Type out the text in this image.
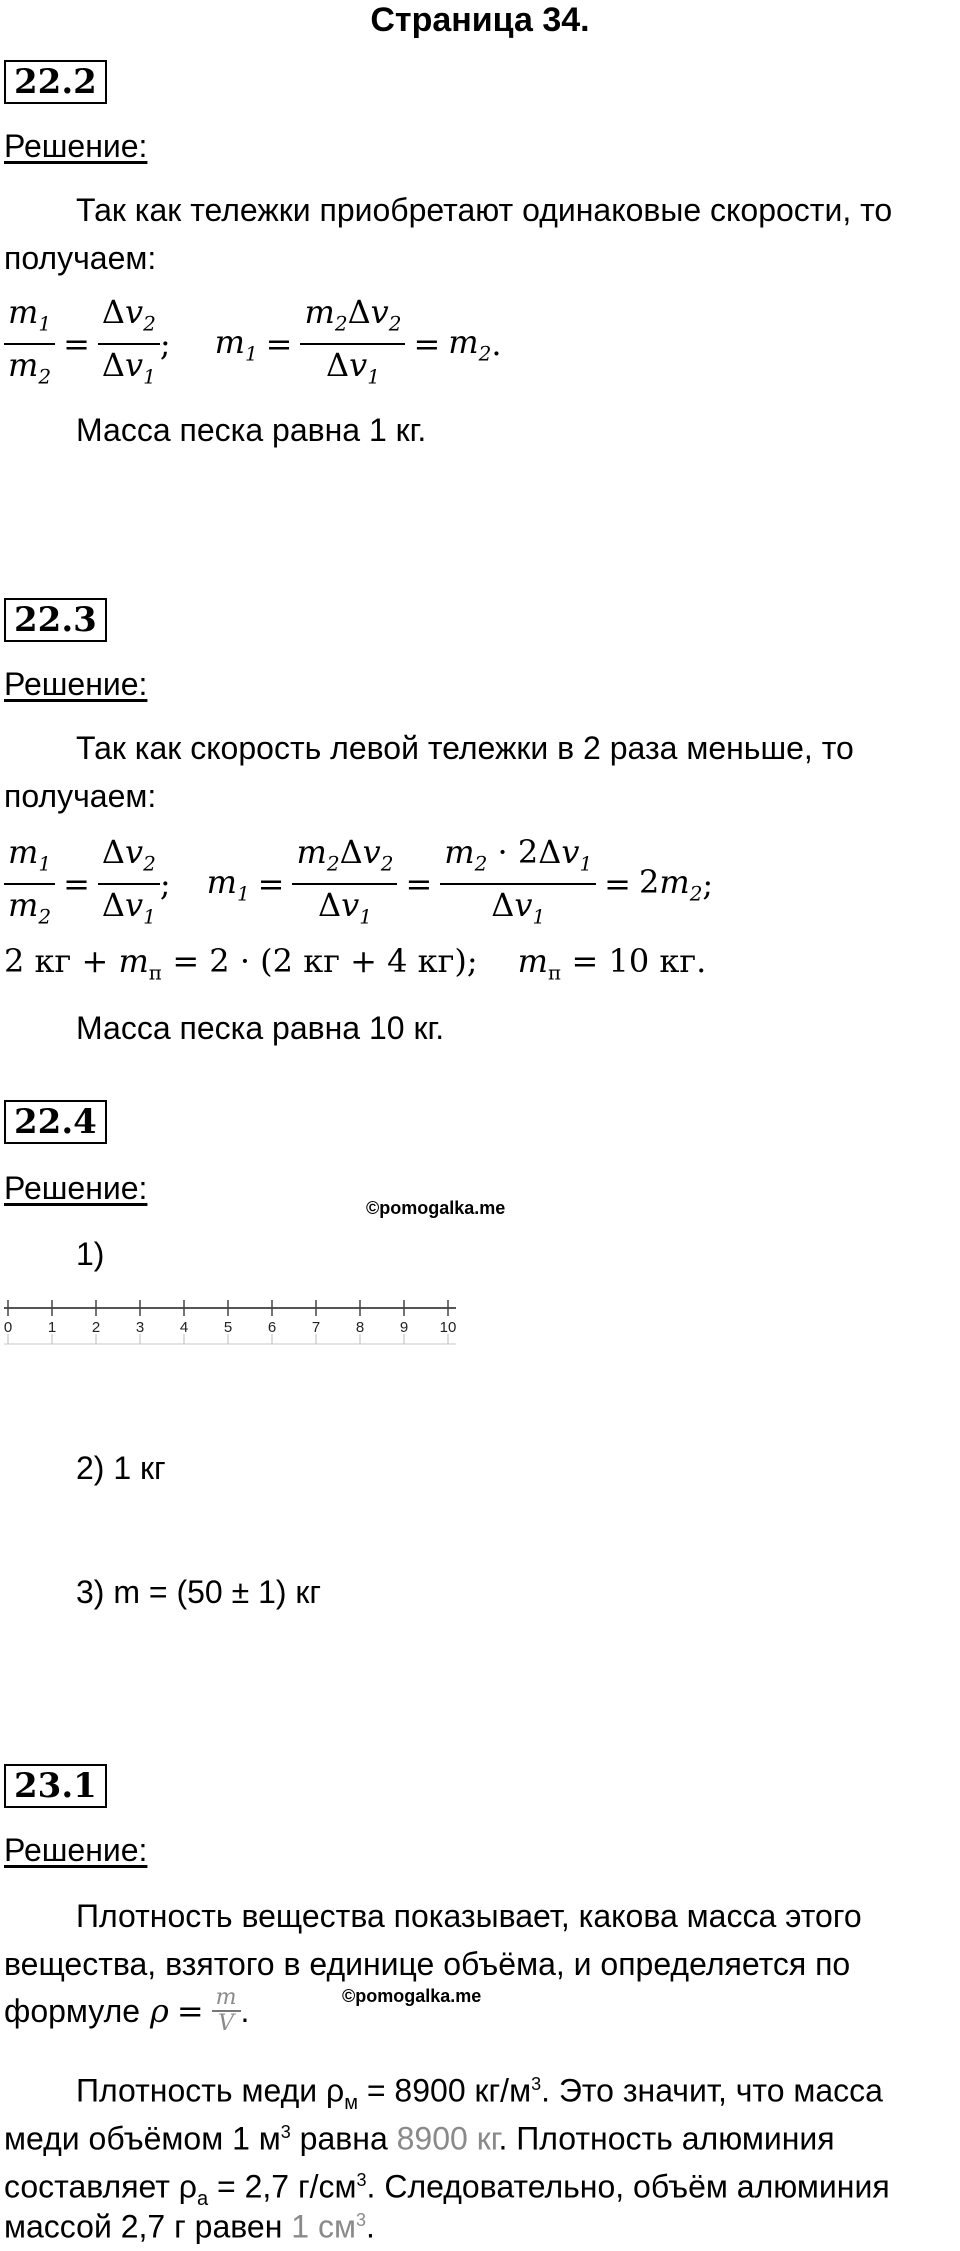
Страница 34.
22.2
Решение:
Так как тележки приобретают одинаковые скорости, то
получаем:
$\frac{m_1}{m_2} = \frac{\Delta v_2}{\Delta v_1}$ ; $m_1 = \frac{m_2\Delta v_2}{\Delta v_1} = m_2$ .
Масса песка равна 1 кг.
22.3
Решение:
Так как скорость левой тележки в 2 раза меньше, то
получаем:
$\frac{m_1}{m_2} = \frac{\Delta v_2}{\Delta v_1}$ ; $m_1 = \frac{m_2\Delta v_2}{\Delta v_1} = \frac{m_2 \cdot 2\Delta v_1}{\Delta v_1} = 2m_2$ ;
2 кг + $m_п = 2 \cdot (2$ кг + 4 кг); $m_п = 10$ кг.
Масса песка равна 10 кг.
22.4
Решение:
©pomogalka.me
1)
0 1 2 3 4 5 6 7 8 9 10
2) 1 кг
3) m = (50 ± 1) кг
23.1
Решение:
Плотность вещества показывает, какова масса этого
вещества, взятого в единице объёма, и определяется по
формуле $\rho = \frac{m}{V}$ .	©pomogalka.me
Плотность меди $\rho_м = 8900$ $кг/м^3$. Это значит, что масса
меди объёмом 1 $м^3$ равна 8900 кг. Плотность алюминия
составляет $\rho_а = 2,7$ $г/см^3$. Следовательно, объём алюминия
массой 2,7 г равен 1 $см^3$.
